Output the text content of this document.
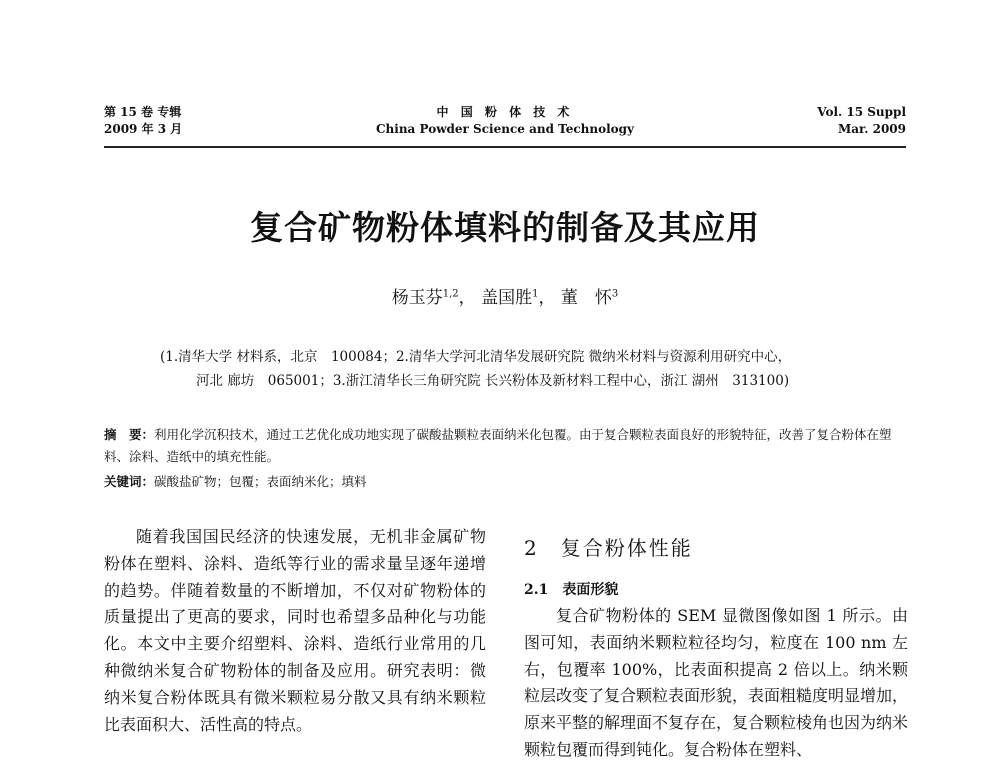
第 15 卷 专辑
2009 年 3 月
中 国 粉 体 技 术
China Powder Science and Technology
Vol. 15 Suppl
Mar. 2009
复合矿物粉体填料的制备及其应用
杨玉芬$^{1,2}$， 盖国胜$^1$， 董　怀$^3$
(1.清华大学 材料系，北京　100084；2.清华大学河北清华发展研究院 微纳米材料与资源利用研究中心，
河北 廊坊　065001；3.浙江清华长三角研究院 长兴粉体及新材料工程中心，浙江 湖州　313100)
摘　要：利用化学沉积技术，通过工艺优化成功地实现了碳酸盐颗粒表面纳米化包覆。由于复合颗粒表面良好的形貌特征，改善了复合粉体在塑料、涂料、造纸中的填充性能。
关键词：碳酸盐矿物；包覆；表面纳米化；填料

随着我国国民经济的快速发展，无机非金属矿物粉体在塑料、涂料、造纸等行业的需求量呈逐年递增的趋势。伴随着数量的不断增加，不仅对矿物粉体的质量提出了更高的要求，同时也希望多品种化与功能化。本文中主要介绍塑料、涂料、造纸行业常用的几种微纳米复合矿物粉体的制备及应用。研究表明：微纳米复合粉体既具有微米颗粒易分散又具有纳米颗粒比表面积大、活性高的特点。

2　复合粉体性能
2.1　表面形貌

复合矿物粉体的 SEM 显微图像如图 1 所示。由图可知，表面纳米颗粒粒径均匀，粒度在 100 nm 左右，包覆率 100%，比表面积提高 2 倍以上。纳米颗粒层改变了复合颗粒表面形貌，表面粗糙度明显增加，原来平整的解理面不复存在，复合颗粒棱角也因为纳米颗粒包覆而得到钝化。复合粉体在塑料、
